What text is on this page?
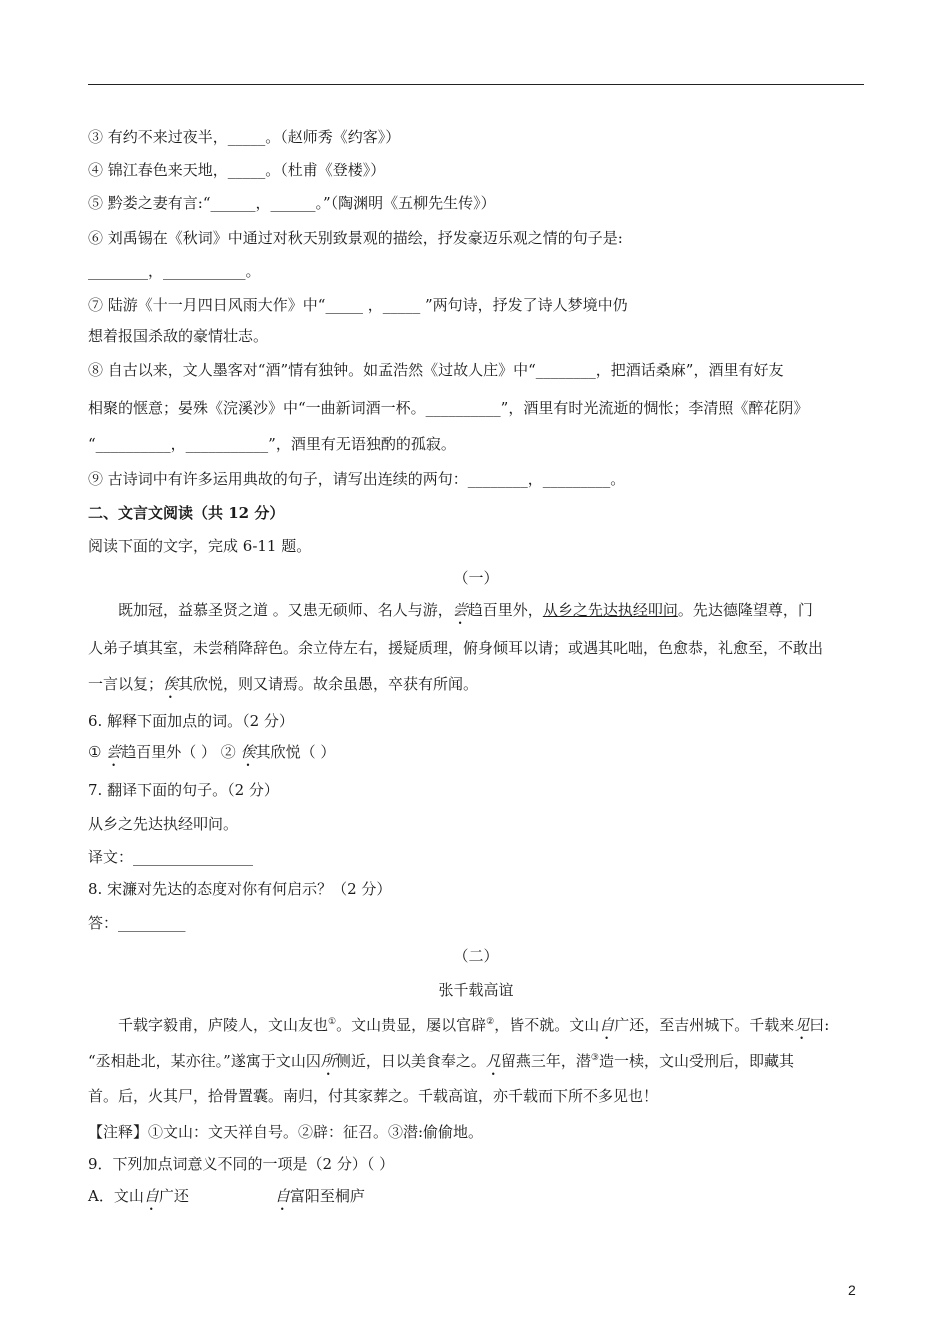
③ 有约不来过夜半，_____。（赵师秀《约客》）
④ 锦江春色来天地，_____。（杜甫《登楼》）
⑤ 黔娄之妻有言:“______，______。”（陶渊明《五柳先生传》）
⑥ 刘禹锡在《秋词》中通过对秋天别致景观的描绘，抒发豪迈乐观之情的句子是:
________，___________。
⑦ 陆游《十一月四日风雨大作》中“_____ ，_____ ”两句诗，抒发了诗人梦境中仍
想着报国杀敌的豪情壮志。
⑧ 自古以来，文人墨客对“酒”情有独钟。如孟浩然《过故人庄》中“________，把酒话桑麻”，酒里有好友
相聚的惬意；晏殊《浣溪沙》中“一曲新词酒一杯。__________”，酒里有时光流逝的惆怅；李清照《醉花阴》
“__________，___________”，酒里有无语独酌的孤寂。
⑨ 古诗词中有许多运用典故的句子，请写出连续的两句：________，_________。
二、文言文阅读（共 12 分）
阅读下面的文字，完成 6-11 题。
（一）
既加冠，益慕圣贤之道 。又患无硕师、名人与游，尝趋百里外，从乡之先达执经叩问。先达德隆望尊，门
人弟子填其室，未尝稍降辞色。余立侍左右，援疑质理，俯身倾耳以请；或遇其叱咄，色愈恭，礼愈至，不敢出
一言以复；俟其欣悦，则又请焉。故余虽愚，卒获有所闻。
6. 解释下面加点的词。（2 分）
① 尝趋百里外（ ） ② 俟其欣悦（ ）
7. 翻译下面的句子。（2 分）
从乡之先达执经叩问。
译文：________________
8. 宋濂对先达的态度对你有何启示？（2 分）
答：_________
（二）
张千载高谊
千载字毅甫，庐陵人，文山友也①。文山贵显，屡以官辟②，皆不就。文山自广还，至吉州城下。千载来见曰:
“丞相赴北，某亦往。”遂寓于文山囚所侧近，日以美食奉之。凡留燕三年，潜③造一椟，文山受刑后，即藏其
首。后，火其尸，拾骨置囊。南归，付其家葬之。千载高谊，亦千载而下所不多见也！
【注释】①文山：文天祥自号。②辟：征召。③潜:偷偷地。
9．下列加点词意义不同的一项是（2 分）（ ）
A．文山自广还	自富阳至桐庐
2
